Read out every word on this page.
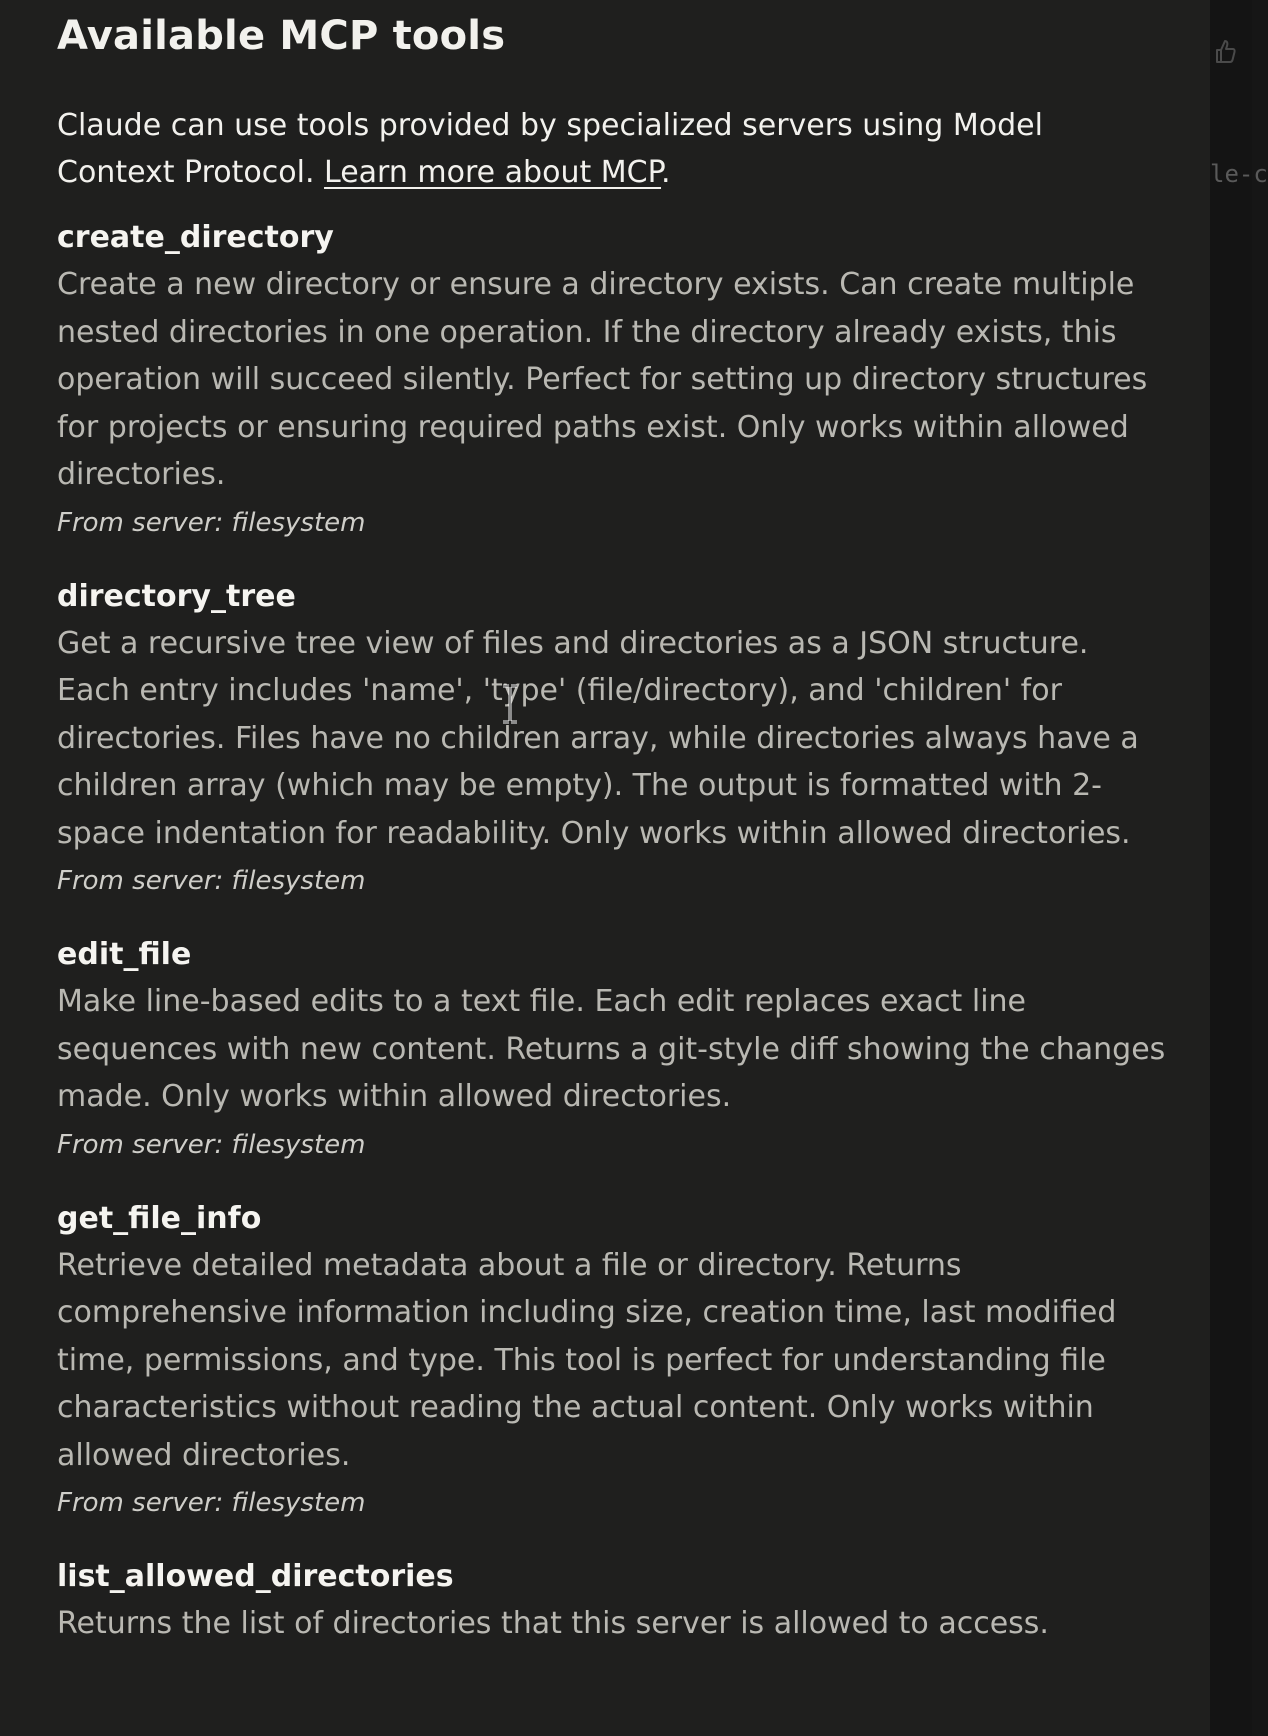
Available MCP tools

Claude can use tools provided by specialized servers using Model Context Protocol. Learn more about MCP.

create_directory
Create a new directory or ensure a directory exists. Can create multiple nested directories in one operation. If the directory already exists, this operation will succeed silently. Perfect for setting up directory structures for projects or ensuring required paths exist. Only works within allowed directories.
From server: filesystem
directory_tree
Get a recursive tree view of files and directories as a JSON structure. Each entry includes 'name', 'type' (file/directory), and 'children' for directories. Files have no children array, while directories always have a children array (which may be empty). The output is formatted with 2-space indentation for readability. Only works within allowed directories.
From server: filesystem
edit_file
Make line-based edits to a text file. Each edit replaces exact line sequences with new content. Returns a git-style diff showing the changes made. Only works within allowed directories.
From server: filesystem
get_file_info
Retrieve detailed metadata about a file or directory. Returns comprehensive information including size, creation time, last modified time, permissions, and type. This tool is perfect for understanding file characteristics without reading the actual content. Only works within allowed directories.
From server: filesystem
list_allowed_directories
Returns the list of directories that this server is allowed to access.
le-c
